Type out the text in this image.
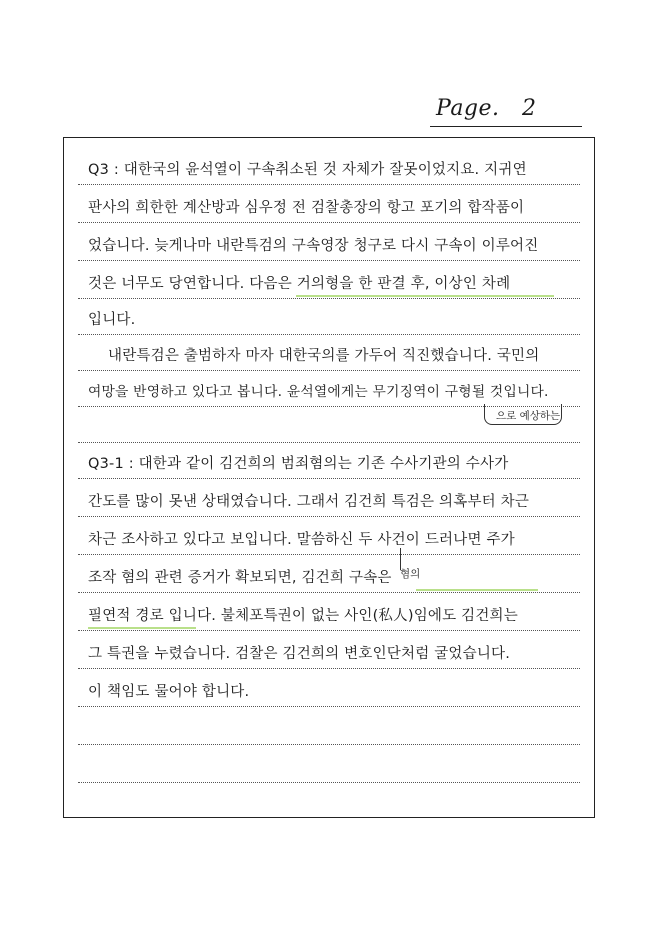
Page. 2
Q3 : 대한국의 윤석열이 구속취소된 것 자체가 잘못이었지요. 지귀연
판사의 희한한 계산방과 심우정 전 검찰총장의 항고 포기의 합작품이
었습니다. 늦게나마 내란특검의 구속영장 청구로 다시 구속이 이루어진
것은 너무도 당연합니다. 다음은 거의형을 한 판결 후, 이상인 차례
입니다.
내란특검은 출범하자 마자 대한국의를 가두어 직진했습니다. 국민의
여망을 반영하고 있다고 봅니다. 윤석열에게는 무기징역이 구형될 것입니다.
Q3-1 : 대한과 같이 김건희의 범죄혐의는 기존 수사기관의 수사가
간도를 많이 못낸 상태였습니다. 그래서 김건희 특검은 의혹부터 차근
차근 조사하고 있다고 보입니다. 말씀하신 두 사건이 드러나면 주가
조작 혐의 관련 증거가 확보되면, 김건희 구속은
필연적 경로 입니다. 불체포특권이 없는 사인(私人)임에도 김건희는
그 특권을 누렸습니다. 검찰은 김건희의 변호인단처럼 굴었습니다.
이 책임도 물어야 합니다.
으로 예상하는
혐의
